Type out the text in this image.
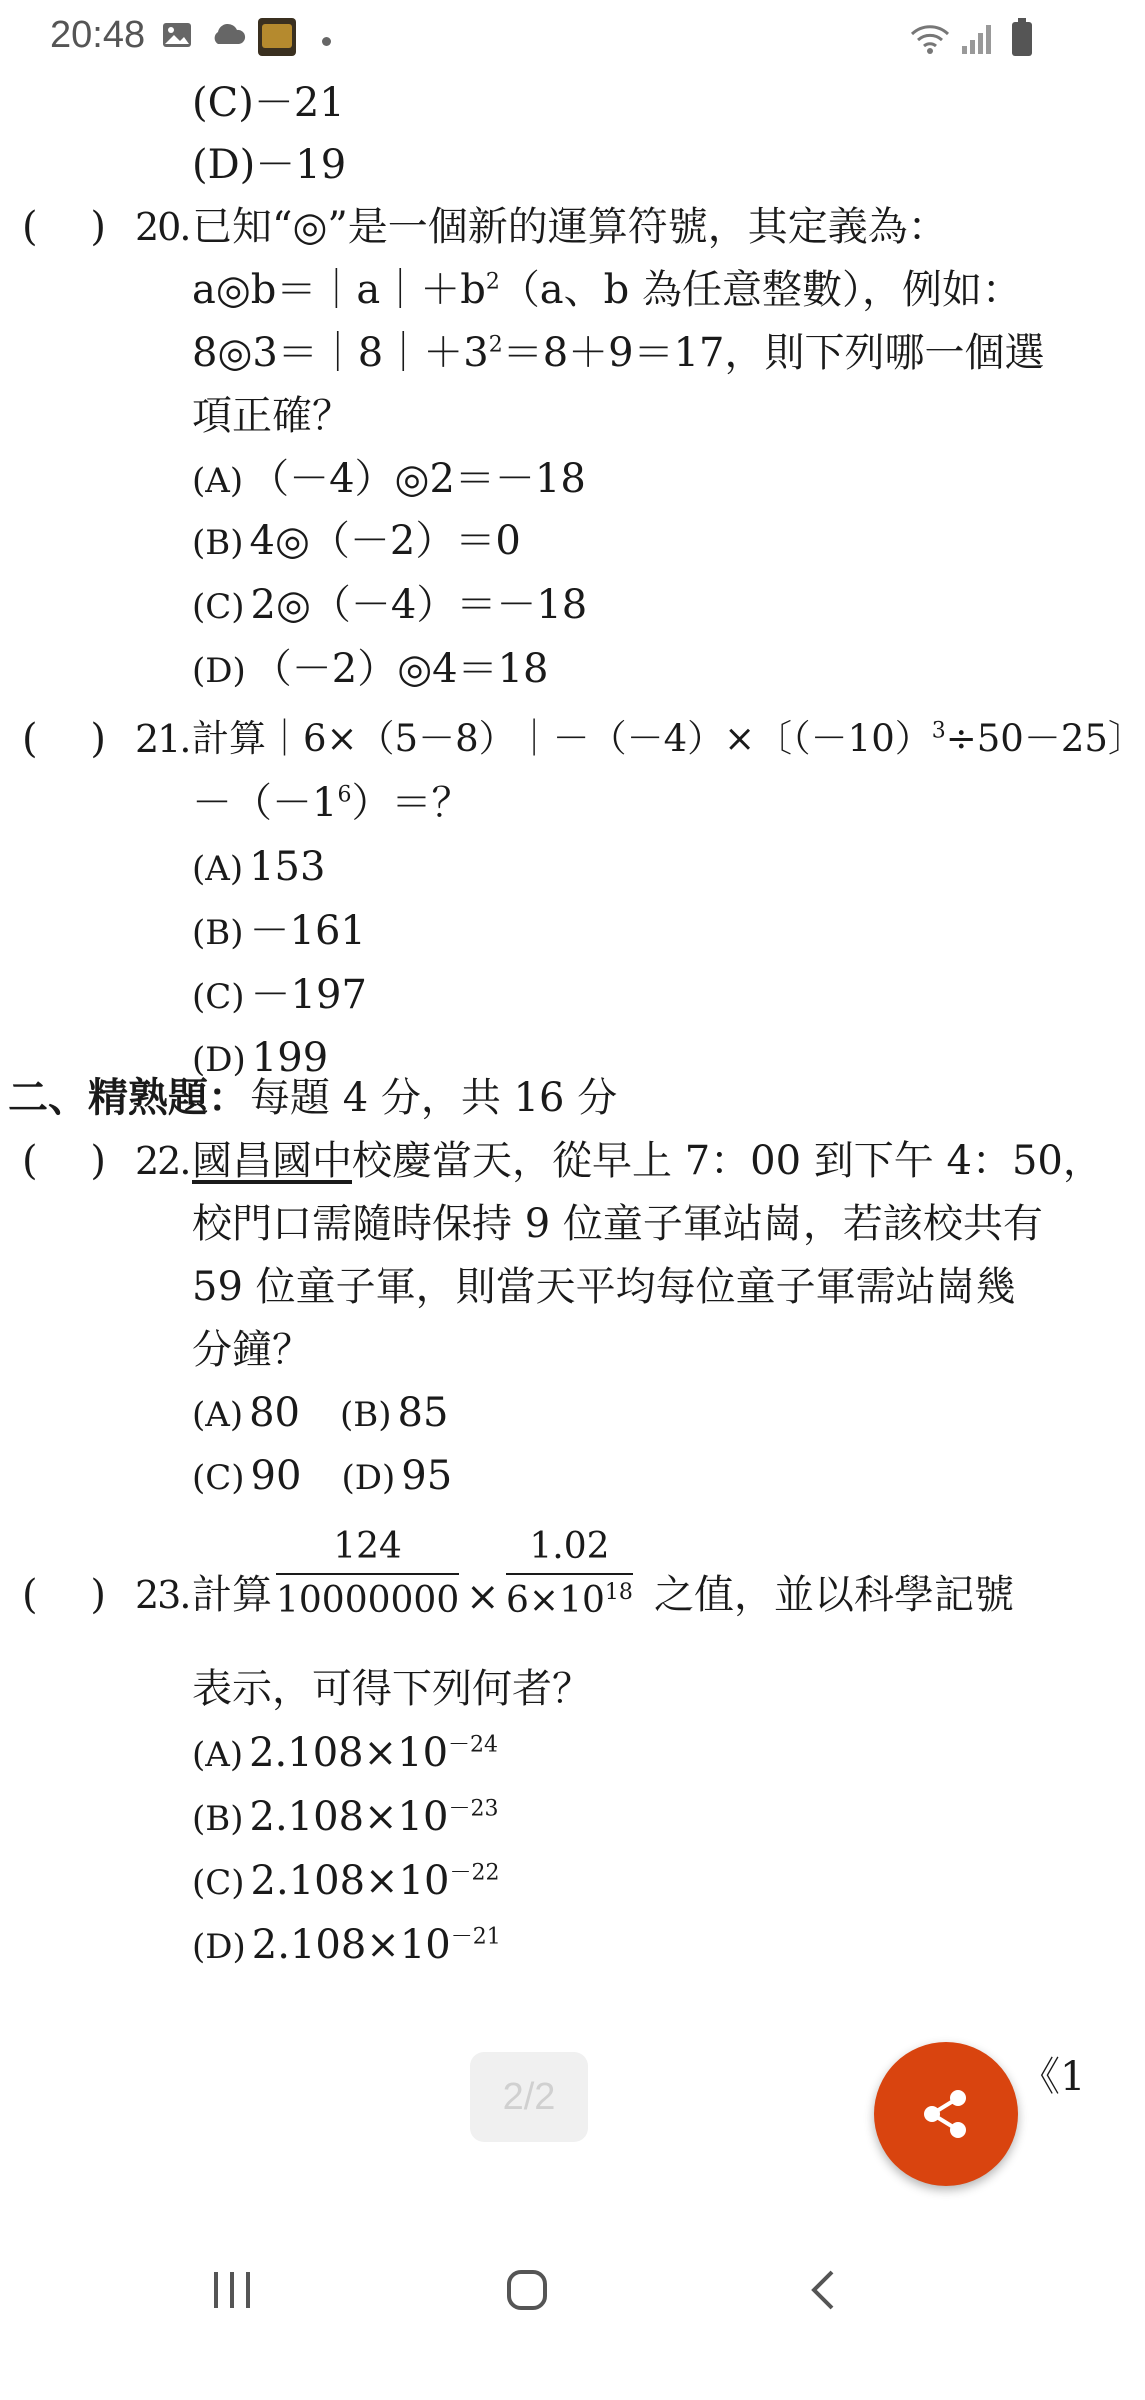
20:48
(C)－21
(D)－19
(　 ) 20. 已知“◎”是一個新的運算符號，其定義為：
$a◎b=|a|+b^2(a$、b 為任意整數），例如：
$8◎3=|8|+3^2=8+9=17$，則下列哪一個選
項正確？
(A) （－4）◎2＝－18
(B) 4◎（－2）＝0
(C) 2◎（－4）＝－18
(D) （－2）◎4＝18
(　 ) 21. 計算｜6×（5－8）｜－（－4）×〔$(-10)^3\div 50-25$〕
$-(-1^6)=$？
(A) 153
(B) －161
(C) －197
(D) 199
二、精熟題： 每題 4 分，共 16 分
(　 ) 22. 國昌國中校慶當天，從早上 7：00 到下午 4：50，
校門口需隨時保持 9 位童子軍站崗，若該校共有
59 位童子軍，則當天平均每位童子軍需站崗幾
分鐘？
(A) 80 (B) 85
(C) 90 (D) 95
(　 ) 23. 計算 $\frac{124}{10000000} \times \frac{1.02}{6\times 10^{18}}$ 之值，並以科學記號
表示，可得下列何者？
(A) $2.108\times 10^{-24}$
(B) $2.108\times 10^{-23}$
(C) $2.108\times 10^{-22}$
(D) $2.108\times 10^{-21}$
2/2	《1
